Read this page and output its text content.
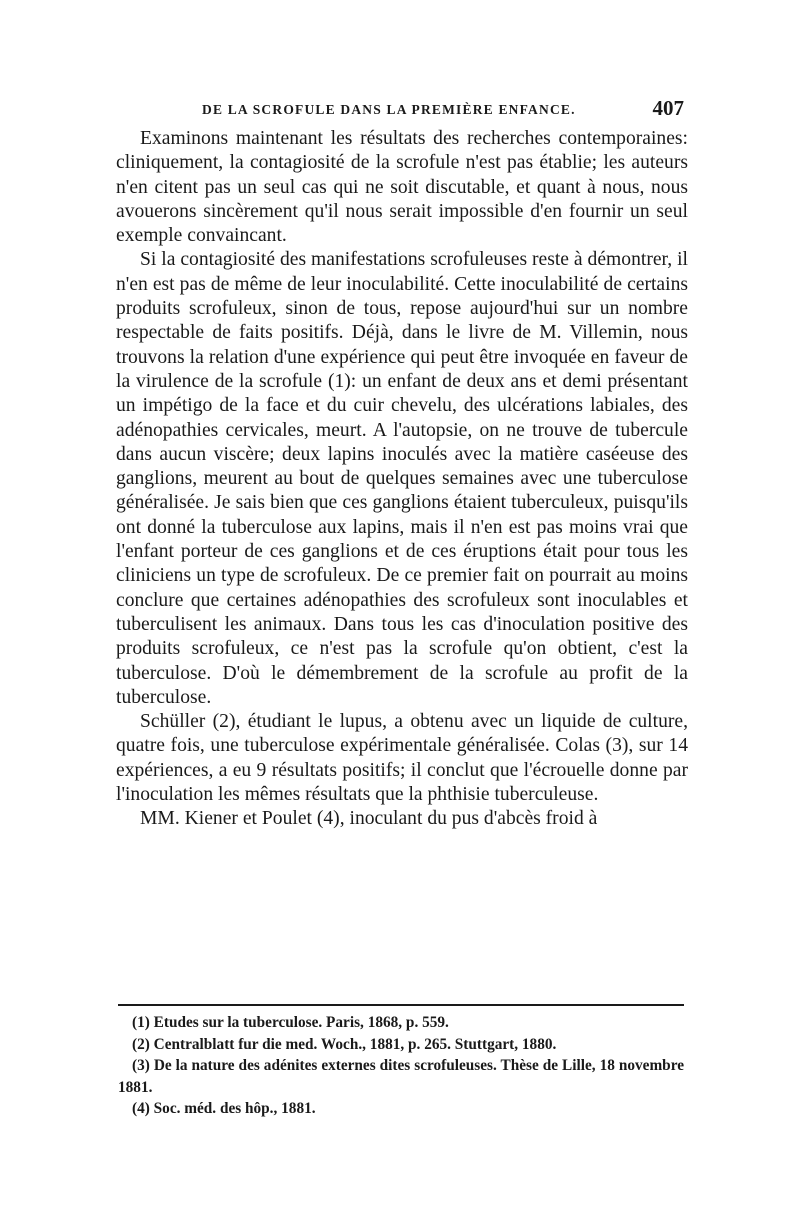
DE LA SCROFULE DANS LA PREMIÈRE ENFANCE.	407

Examinons maintenant les résultats des recherches contemporaines: cliniquement, la contagiosité de la scrofule n'est pas établie; les auteurs n'en citent pas un seul cas qui ne soit discutable, et quant à nous, nous avouerons sincèrement qu'il nous serait impossible d'en fournir un seul exemple convaincant.

Si la contagiosité des manifestations scrofuleuses reste à démontrer, il n'en est pas de même de leur inoculabilité. Cette inoculabilité de certains produits scrofuleux, sinon de tous, repose aujourd'hui sur un nombre respectable de faits positifs. Déjà, dans le livre de M. Villemin, nous trouvons la relation d'une expérience qui peut être invoquée en faveur de la virulence de la scrofule (1): un enfant de deux ans et demi présentant un impétigo de la face et du cuir chevelu, des ulcérations labiales, des adénopathies cervicales, meurt. A l'autopsie, on ne trouve de tubercule dans aucun viscère; deux lapins inoculés avec la matière caséeuse des ganglions, meurent au bout de quelques semaines avec une tuberculose généralisée. Je sais bien que ces ganglions étaient tuberculeux, puisqu'ils ont donné la tuberculose aux lapins, mais il n'en est pas moins vrai que l'enfant porteur de ces ganglions et de ces éruptions était pour tous les cliniciens un type de scrofuleux. De ce premier fait on pourrait au moins conclure que certaines adénopathies des scrofuleux sont inoculables et tuberculisent les animaux. Dans tous les cas d'inoculation positive des produits scrofuleux, ce n'est pas la scrofule qu'on obtient, c'est la tuberculose. D'où le démembrement de la scrofule au profit de la tuberculose.

Schüller (2), étudiant le lupus, a obtenu avec un liquide de culture, quatre fois, une tuberculose expérimentale généralisée. Colas (3), sur 14 expériences, a eu 9 résultats positifs; il conclut que l'écrouelle donne par l'inoculation les mêmes résultats que la phthisie tuberculeuse.

MM. Kiener et Poulet (4), inoculant du pus d'abcès froid à

(1) Etudes sur la tuberculose. Paris, 1868, p. 559.

(2) Centralblatt fur die med. Woch., 1881, p. 265. Stuttgart, 1880.

(3) De la nature des adénites externes dites scrofuleuses. Thèse de Lille, 18 novembre 1881.

(4) Soc. méd. des hôp., 1881.
